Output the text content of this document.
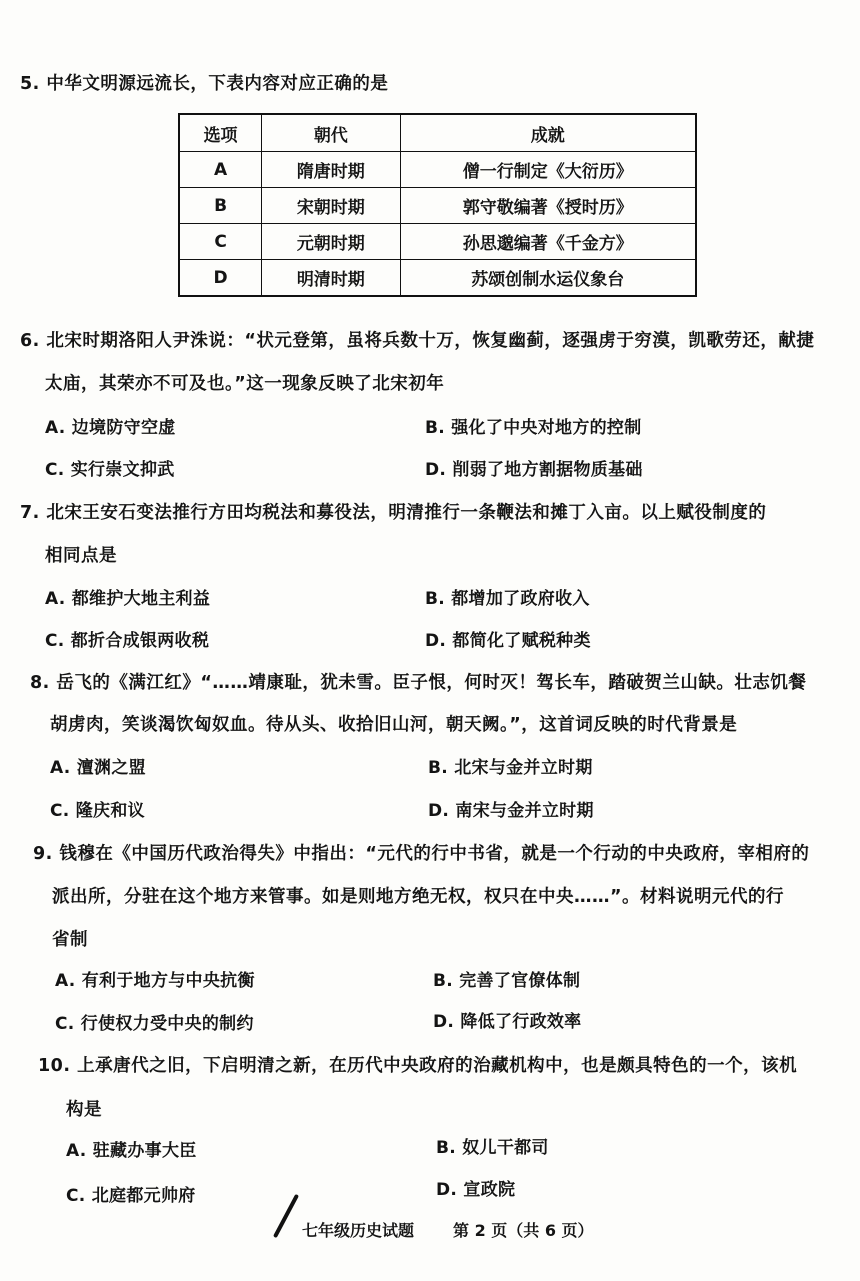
5. 中华文明源远流长，下表内容对应正确的是
选项	朝代	成就
A	隋唐时期	僧一行制定《大衍历》
B	宋朝时期	郭守敬编著《授时历》
C	元朝时期	孙思邈编著《千金方》
D	明清时期	苏颂创制水运仪象台
6. 北宋时期洛阳人尹洙说：“状元登第，虽将兵数十万，恢复幽蓟，逐强虏于穷漠，凯歌劳还，献捷
太庙，其荣亦不可及也。”这一现象反映了北宋初年
A. 边境防守空虚	B. 强化了中央对地方的控制
C. 实行崇文抑武	D. 削弱了地方割据物质基础
7. 北宋王安石变法推行方田均税法和募役法，明清推行一条鞭法和摊丁入亩。以上赋役制度的
相同点是
A. 都维护大地主利益	B. 都增加了政府收入
C. 都折合成银两收税	D. 都简化了赋税种类
8. 岳飞的《满江红》“……靖康耻，犹未雪。臣子恨，何时灭！驾长车，踏破贺兰山缺。壮志饥餐
胡虏肉，笑谈渴饮匈奴血。待从头、收拾旧山河，朝天阙。”，这首词反映的时代背景是
A. 澶渊之盟	B. 北宋与金并立时期
C. 隆庆和议	D. 南宋与金并立时期
9. 钱穆在《中国历代政治得失》中指出：“元代的行中书省，就是一个行动的中央政府，宰相府的
派出所，分驻在这个地方来管事。如是则地方绝无权，权只在中央……”。材料说明元代的行
省制
A. 有利于地方与中央抗衡	B. 完善了官僚体制
C. 行使权力受中央的制约	D. 降低了行政效率
10. 上承唐代之旧，下启明清之新，在历代中央政府的治藏机构中，也是颇具特色的一个，该机
构是
A. 驻藏办事大臣	B. 奴儿干都司
C. 北庭都元帅府	D. 宣政院
七年级历史试题 第 2 页（共 6 页）
